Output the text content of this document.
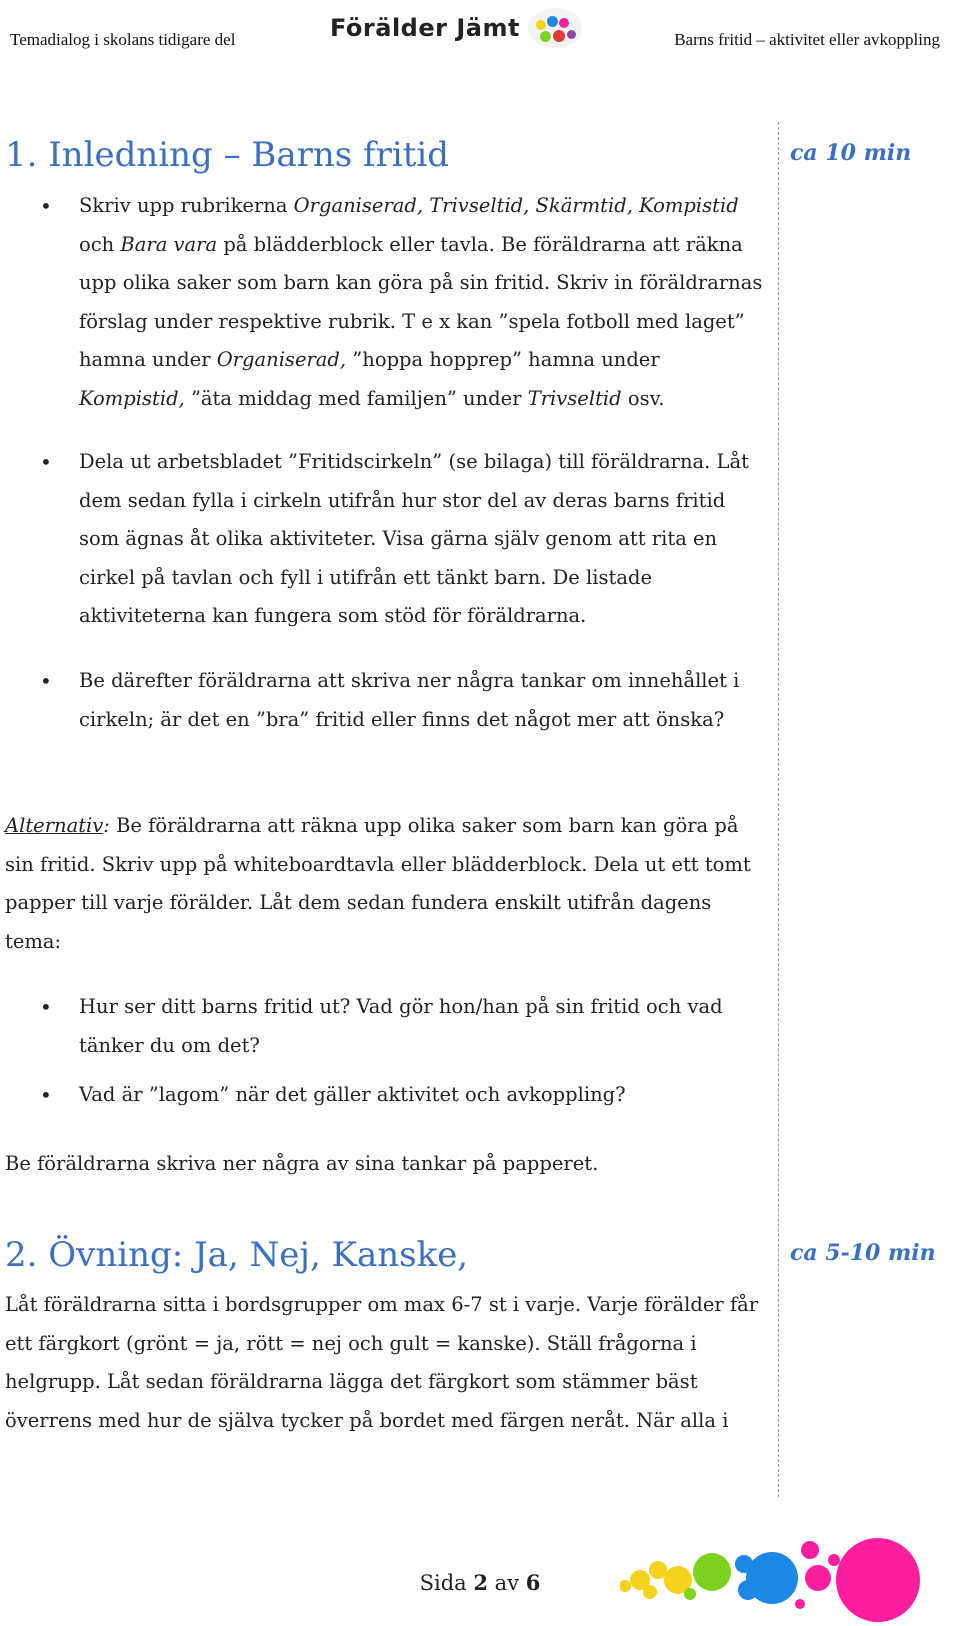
Temadialog i skolans tidigare del	Förälder Jämt	Barns fritid – aktivitet eller avkoppling
1. Inledning – Barns fritid	ca 10 min
• Skriv upp rubrikerna Organiserad, Trivseltid, Skärmtid, Kompistid och Bara vara på blädderblock eller tavla. Be föräldrarna att räkna upp olika saker som barn kan göra på sin fritid. Skriv in föräldrarnas förslag under respektive rubrik. T e x kan ”spela fotboll med laget” hamna under Organiserad, ”hoppa hopprep” hamna under Kompistid, ”äta middag med familjen” under Trivseltid osv.
• Dela ut arbetsbladet ”Fritidscirkeln” (se bilaga) till föräldrarna. Låt dem sedan fylla i cirkeln utifrån hur stor del av deras barns fritid som ägnas åt olika aktiviteter. Visa gärna själv genom att rita en cirkel på tavlan och fyll i utifrån ett tänkt barn. De listade aktiviteterna kan fungera som stöd för föräldrarna.
• Be därefter föräldrarna att skriva ner några tankar om innehållet i cirkeln; är det en ”bra” fritid eller finns det något mer att önska?

Alternativ: Be föräldrarna att räkna upp olika saker som barn kan göra på sin fritid. Skriv upp på whiteboardtavla eller blädderblock. Dela ut ett tomt papper till varje förälder. Låt dem sedan fundera enskilt utifrån dagens tema:

• Hur ser ditt barns fritid ut? Vad gör hon/han på sin fritid och vad tänker du om det?
• Vad är ”lagom” när det gäller aktivitet och avkoppling?

Be föräldrarna skriva ner några av sina tankar på papperet.

2. Övning: Ja, Nej, Kanske,	ca 5-10 min

Låt föräldrarna sitta i bordsgrupper om max 6-7 st i varje. Varje förälder får ett färgkort (grönt = ja, rött = nej och gult = kanske). Ställ frågorna i helgrupp. Låt sedan föräldrarna lägga det färgkort som stämmer bäst överrens med hur de själva tycker på bordet med färgen neråt. När alla i

Sida 2 av 6
